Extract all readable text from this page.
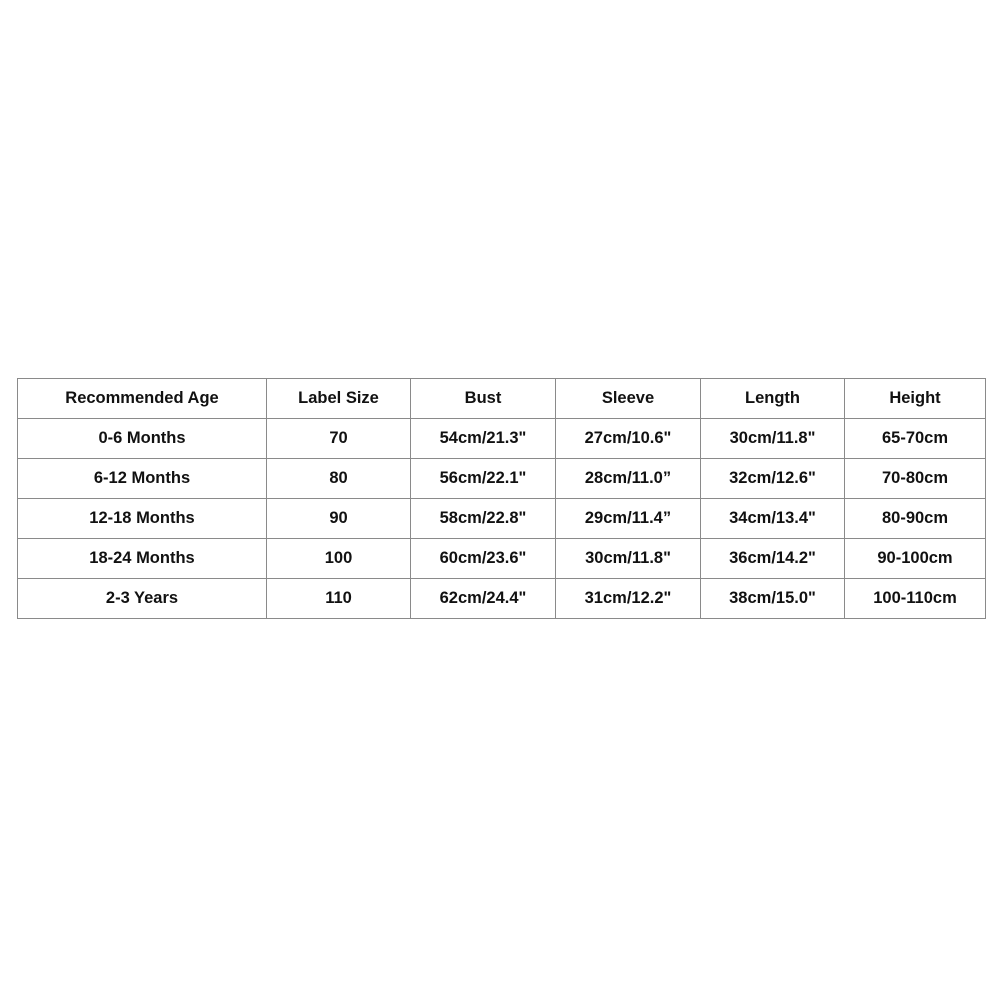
Recommended Age	Label Size	Bust	Sleeve	Length	Height
0-6 Months	70	54cm/21.3"	27cm/10.6"	30cm/11.8"	65-70cm
6-12 Months	80	56cm/22.1"	28cm/11.0”	32cm/12.6"	70-80cm
12-18 Months	90	58cm/22.8"	29cm/11.4”	34cm/13.4"	80-90cm
18-24 Months	100	60cm/23.6"	30cm/11.8"	36cm/14.2"	90-100cm
2-3 Years	110	62cm/24.4"	31cm/12.2"	38cm/15.0"	100-110cm
